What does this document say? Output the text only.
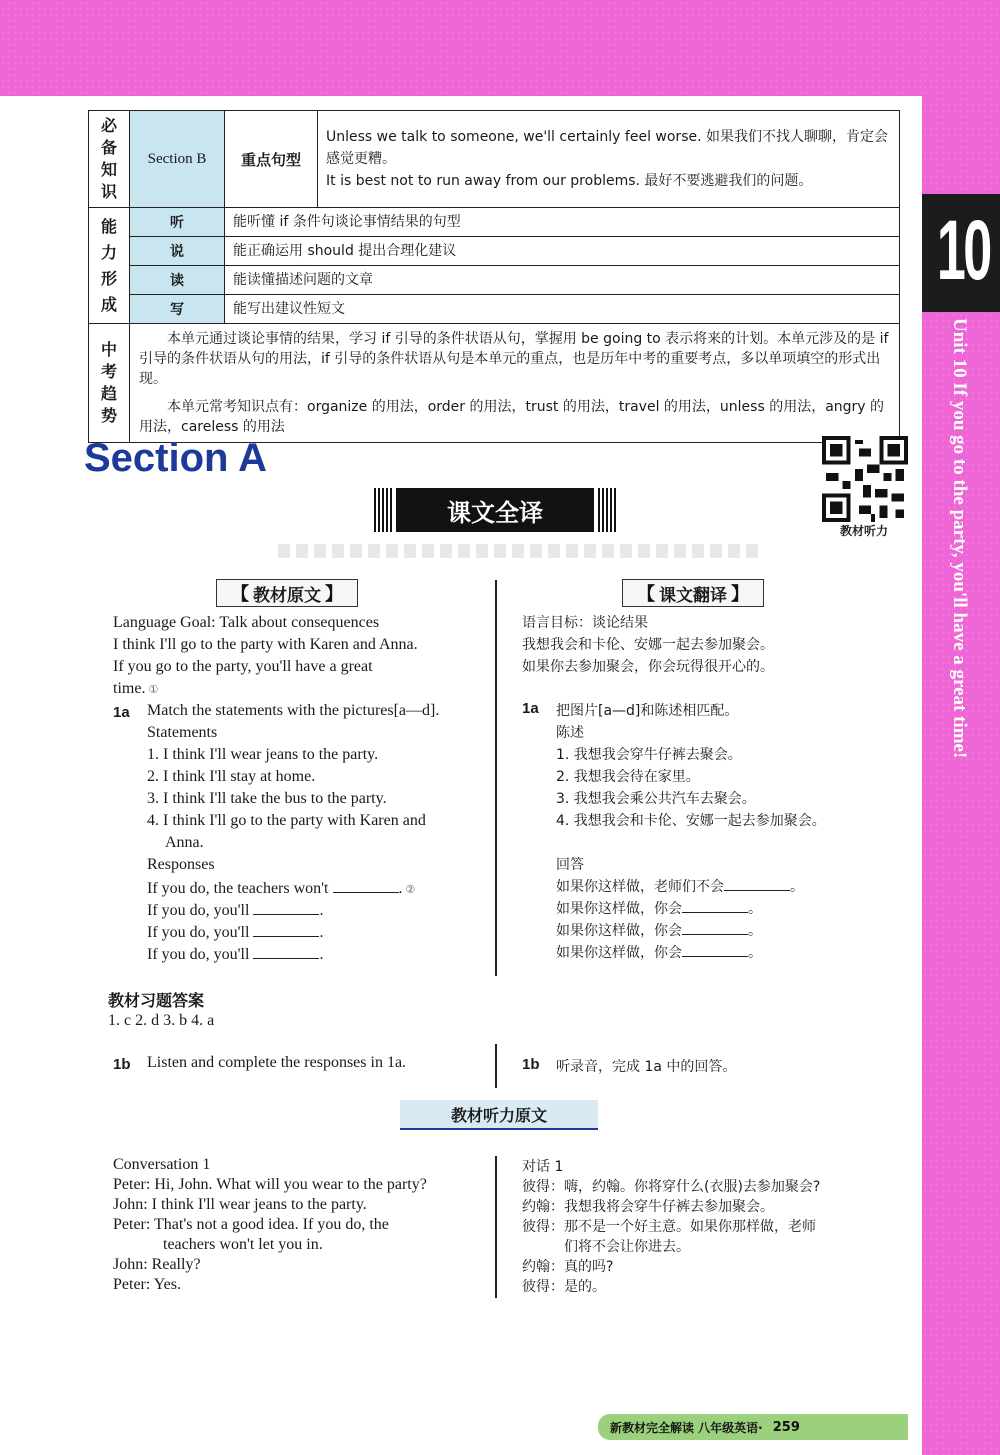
10
Unit 10 If you go to the party, you'll have a great time!
必备知识	Section B	重点句型	Unless we talk to someone, we'll certainly feel worse. 如果我们不找人聊聊，肯定会感觉更糟。
It is best not to run away from our problems. 最好不要逃避我们的问题。

能力形成	听	能听懂 if 条件句谈论事情结果的句型	
	说	能正确运用 should 提出合理化建议	
	读	能读懂描述问题的文章	
	写	能写出建议性短文	
中考趋势	本单元通过谈论事情的结果，学习 if 引导的条件状语从句，掌握用 be going to 表示将来的计划。本单元涉及的是 if 引导的条件状语从句的用法，if 引导的条件状语从句是本单元的重点，也是历年中考的重要考点，多以单项填空的形式出现。
本单元常考知识点有：organize 的用法，order 的用法，trust 的用法，travel 的用法，unless 的用法，angry 的用法，careless 的用法		
Section A
课文全译
教材听力
【 教材原文 】	【 课文翻译 】
Language Goal: Talk about consequences
I think I'll go to the party with Karen and Anna.
If you go to the party, you'll have a great
time. ①
1a Match the statements with the pictures[a—d].
Statements
1. I think I'll wear jeans to the party.
2. I think I'll stay at home.
3. I think I'll take the bus to the party.
4. I think I'll go to the party with Karen and
Anna.
Responses
If you do, the teachers won't	. ②
If you do, you'll	.
If you do, you'll	.
If you do, you'll	.
教材习题答案
1. c 2. d 3. b 4. a
1b Listen and complete the responses in 1a.
语言目标：谈论结果
我想我会和卡伦、安娜一起去参加聚会。
如果你去参加聚会，你会玩得很开心的。
1a 把图片[a—d]和陈述相匹配。
陈述
1. 我想我会穿牛仔裤去聚会。
2. 我想我会待在家里。
3. 我想我会乘公共汽车去聚会。
4. 我想我会和卡伦、安娜一起去参加聚会。
回答
如果你这样做，老师们不会	。
如果你这样做，你会	。
如果你这样做，你会	。
如果你这样做，你会	。
1b 听录音，完成 1a 中的回答。
教材听力原文
Conversation 1
Peter: Hi, John. What will you wear to the party?
John: I think I'll wear jeans to the party.
Peter: That's not a good idea. If you do, the
teachers won't let you in.
John: Really?
Peter: Yes.
对话 1
彼得：嗨，约翰。你将穿什么(衣服)去参加聚会?
约翰：我想我将会穿牛仔裤去参加聚会。
彼得：那不是一个好主意。如果你那样做，老师
们将不会让你进去。
约翰：真的吗?
彼得：是的。
新教材完全解读 八年级英语· 259
